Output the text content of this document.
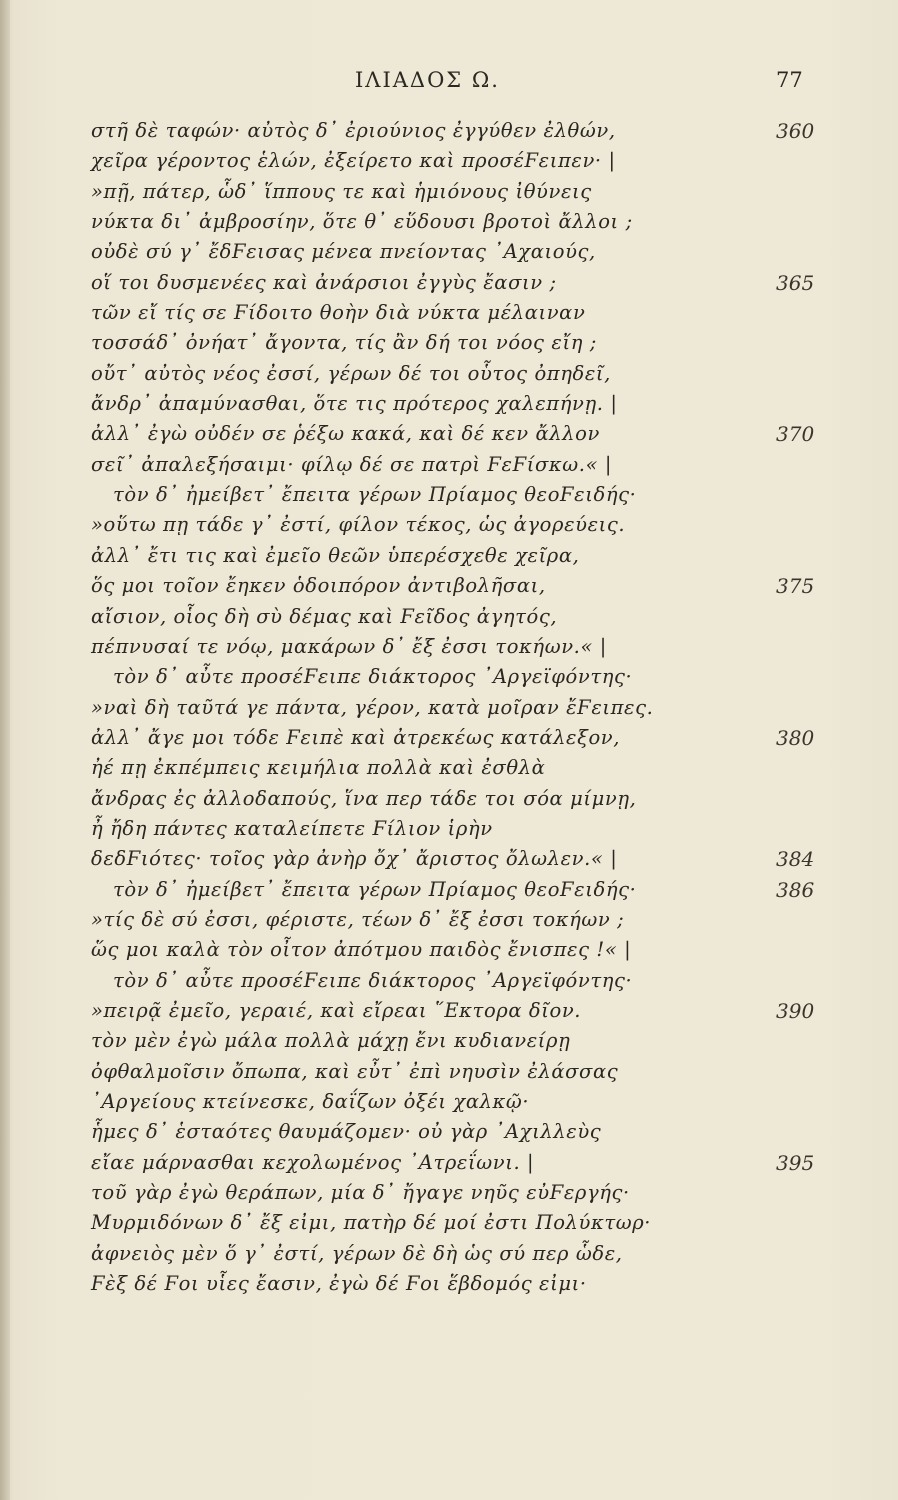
ΙΛΙΑΔΟΣ Ω.	77
στῆ δὲ ταφών· αὐτὸς δ᾽ ἐριούνιος ἐγγύθεν ἐλθών,	360
χεῖρα γέροντος ἑλών, ἐξείρετο καὶ προσέϜειπεν· |
»πῇ, πάτερ, ὧδ᾽ ἵππους τε καὶ ἡμιόνους ἰθύνεις
νύκτα δι᾽ ἀμβροσίην, ὅτε θ᾽ εὕδουσι βροτοὶ ἄλλοι ;
οὐδὲ σύ γ᾽ ἔδϜεισας μένεα πνείοντας ᾽Αχαιούς,
οἵ τοι δυσμενέες καὶ ἀνάρσιοι ἐγγὺς ἔασιν ;	365
τῶν εἴ τίς σε Ϝίδοιτο θοὴν διὰ νύκτα μέλαιναν
τοσσάδ᾽ ὀνήατ᾽ ἄγοντα, τίς ἂν δή τοι νόος εἴη ;
οὔτ᾽ αὐτὸς νέος ἐσσί, γέρων δέ τοι οὗτος ὀπηδεῖ,
ἄνδρ᾽ ἀπαμύνασθαι, ὅτε τις πρότερος χαλεπήνῃ. |
ἀλλ᾽ ἐγὼ οὐδέν σε ῥέξω κακά, καὶ δέ κεν ἄλλον	370
σεῖ᾽ ἀπαλεξήσαιμι· φίλῳ δέ σε πατρὶ ϜεϜίσκω.« |
τὸν δ᾽ ἠμείβετ᾽ ἔπειτα γέρων Πρίαμος θεοϜειδής·
»οὕτω πῃ τάδε γ᾽ ἐστί, φίλον τέκος, ὡς ἀγορεύεις.
ἀλλ᾽ ἔτι τις καὶ ἐμεῖο θεῶν ὑπερέσχεθε χεῖρα,
ὅς μοι τοῖον ἔηκεν ὁδοιπόρον ἀντιβολῆσαι,	375
αἴσιον, οἷος δὴ σὺ δέμας καὶ Ϝεῖδος ἀγητός,
πέπνυσαί τε νόῳ, μακάρων δ᾽ ἔξ ἐσσι τοκήων.« |
τὸν δ᾽ αὖτε προσέϜειπε διάκτορος ᾽Αργεϊφόντης·
»ναὶ δὴ ταῦτά γε πάντα, γέρον, κατὰ μοῖραν ἔϜειπες.
ἀλλ᾽ ἄγε μοι τόδε Ϝειπὲ καὶ ἀτρεκέως κατάλεξον,	380
ἠέ πῃ ἐκπέμπεις κειμήλια πολλὰ καὶ ἐσθλὰ
ἄνδρας ἐς ἀλλοδαπούς, ἵνα περ τάδε τοι σόα μίμνῃ,
ἦ ἤδη πάντες καταλείπετε Ϝίλιον ἱρὴν
δεδϜιότες· τοῖος γὰρ ἀνὴρ ὄχ᾽ ἄριστος ὄλωλεν.« |	384
τὸν δ᾽ ἠμείβετ᾽ ἔπειτα γέρων Πρίαμος θεοϜειδής·	386
»τίς δὲ σύ ἐσσι, φέριστε, τέων δ᾽ ἔξ ἐσσι τοκήων ;
ὥς μοι καλὰ τὸν οἶτον ἀπότμου παιδὸς ἔνισπες !« |
τὸν δ᾽ αὖτε προσέϜειπε διάκτορος ᾽Αργεϊφόντης·
»πειρᾷ ἐμεῖο, γεραιέ, καὶ εἴρεαι ῞Εκτορα δῖον.	390
τὸν μὲν ἐγὼ μάλα πολλὰ μάχῃ ἔνι κυδιανείρῃ
ὀφθαλμοῖσιν ὄπωπα, καὶ εὖτ᾽ ἐπὶ νηυσὶν ἐλάσσας
᾽Αργείους κτείνεσκε, δαΐζων ὀξέι χαλκῷ·
ἧμες δ᾽ ἑσταότες θαυμάζομεν· οὐ γὰρ ᾽Αχιλλεὺς
εἴαε μάρνασθαι κεχολωμένος ᾽Ατρεΐωνι. |	395
τοῦ γὰρ ἐγὼ θεράπων, μία δ᾽ ἤγαγε νηῦς εὐϜεργής·
Μυρμιδόνων δ᾽ ἔξ εἰμι, πατὴρ δέ μοί ἐστι Πολύκτωρ·
ἀφνειὸς μὲν ὅ γ᾽ ἐστί, γέρων δὲ δὴ ὡς σύ περ ὧδε,
Ϝὲξ δέ Ϝοι υἷες ἔασιν, ἐγὼ δέ Ϝοι ἕβδομός εἰμι·
